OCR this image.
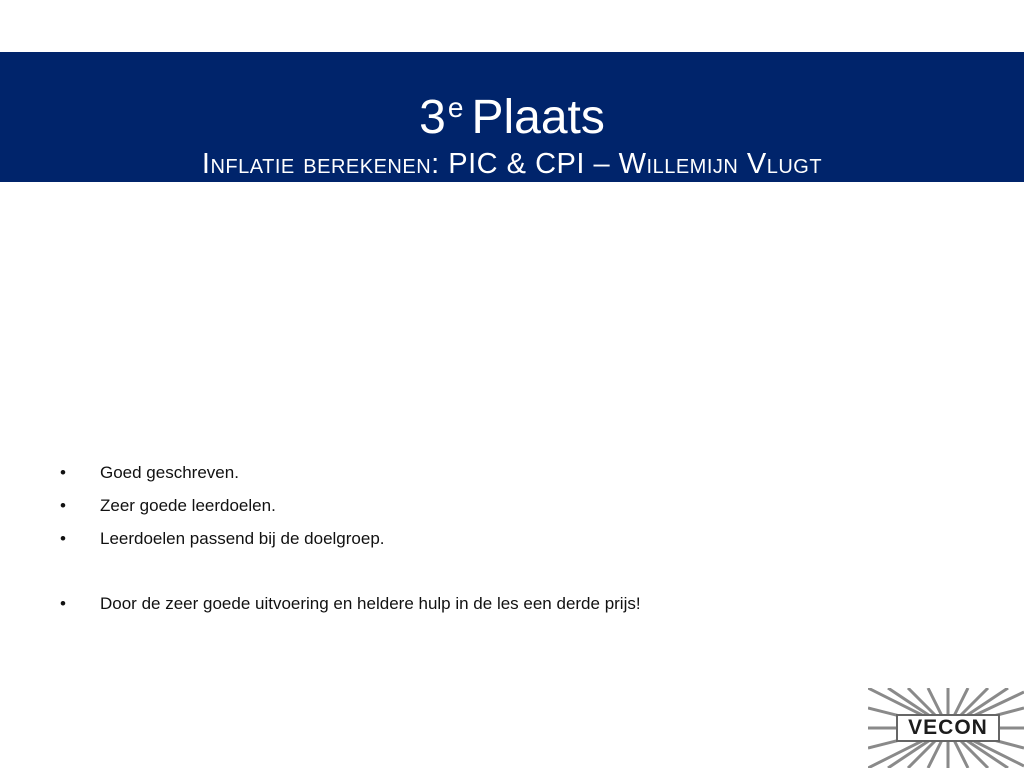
3e Plaats
Inflatie berekenen: PIC & CPI – Willemijn Vlugt
• Goed geschreven.
• Zeer goede leerdoelen.
• Leerdoelen passend bij de doelgroep.
• Door de zeer goede uitvoering en heldere hulp in de les een derde prijs!
VECON
